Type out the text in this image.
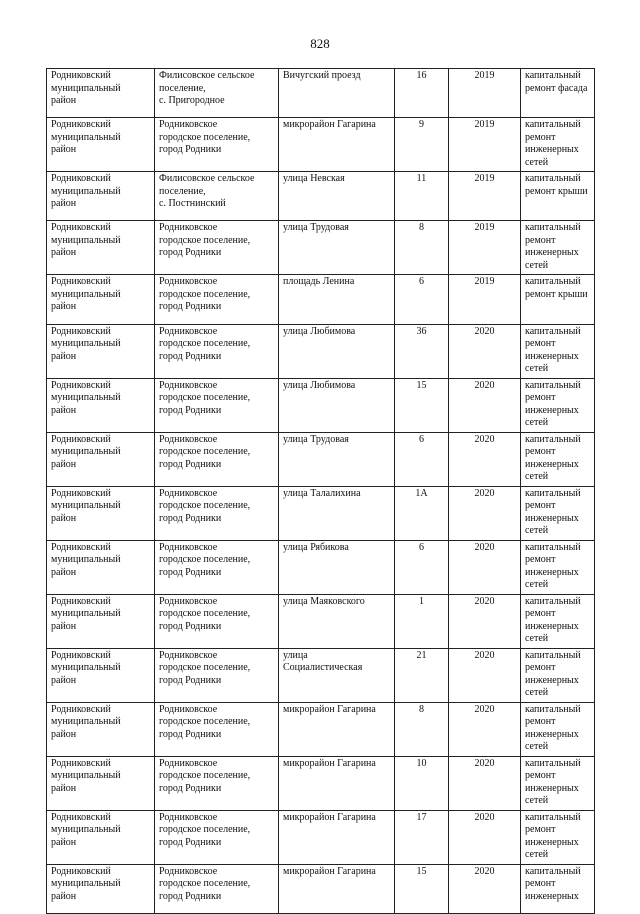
828
Родниковский
муниципальный
район	Филисовское сельское
поселение,
с. Пригородное	Вичугский проезд	16	2019	капитальный
ремонт фасада

Родниковский
муниципальный
район	Родниковское
городское поселение,
город Родники	микрорайон Гагарина	9	2019	капитальный
ремонт
инженерных
сетей

Родниковский
муниципальный
район	Филисовское сельское
поселение,
с. Постнинский	улица Невская	11	2019	капитальный
ремонт крыши

Родниковский
муниципальный
район	Родниковское
городское поселение,
город Родники	улица Трудовая	8	2019	капитальный
ремонт
инженерных
сетей

Родниковский
муниципальный
район	Родниковское
городское поселение,
город Родники	площадь Ленина	6	2019	капитальный
ремонт крыши

Родниковский
муниципальный
район	Родниковское
городское поселение,
город Родники	улица Любимова	36	2020	капитальный
ремонт
инженерных
сетей

Родниковский
муниципальный
район	Родниковское
городское поселение,
город Родники	улица Любимова	15	2020	капитальный
ремонт
инженерных
сетей

Родниковский
муниципальный
район	Родниковское
городское поселение,
город Родники	улица Трудовая	6	2020	капитальный
ремонт
инженерных
сетей

Родниковский
муниципальный
район	Родниковское
городское поселение,
город Родники	улица Талалихина	1А	2020	капитальный
ремонт
инженерных
сетей

Родниковский
муниципальный
район	Родниковское
городское поселение,
город Родники	улица Рябикова	6	2020	капитальный
ремонт
инженерных
сетей

Родниковский
муниципальный
район	Родниковское
городское поселение,
город Родники	улица Маяковского	1	2020	капитальный
ремонт
инженерных
сетей

Родниковский
муниципальный
район	Родниковское
городское поселение,
город Родники	улица
Социалистическая	21	2020	капитальный
ремонт
инженерных
сетей

Родниковский
муниципальный
район	Родниковское
городское поселение,
город Родники	микрорайон Гагарина	8	2020	капитальный
ремонт
инженерных
сетей

Родниковский
муниципальный
район	Родниковское
городское поселение,
город Родники	микрорайон Гагарина	10	2020	капитальный
ремонт
инженерных
сетей

Родниковский
муниципальный
район	Родниковское
городское поселение,
город Родники	микрорайон Гагарина	17	2020	капитальный
ремонт
инженерных
сетей

Родниковский
муниципальный
район	Родниковское
городское поселение,
город Родники	микрорайон Гагарина	15	2020	капитальный
ремонт
инженерных
